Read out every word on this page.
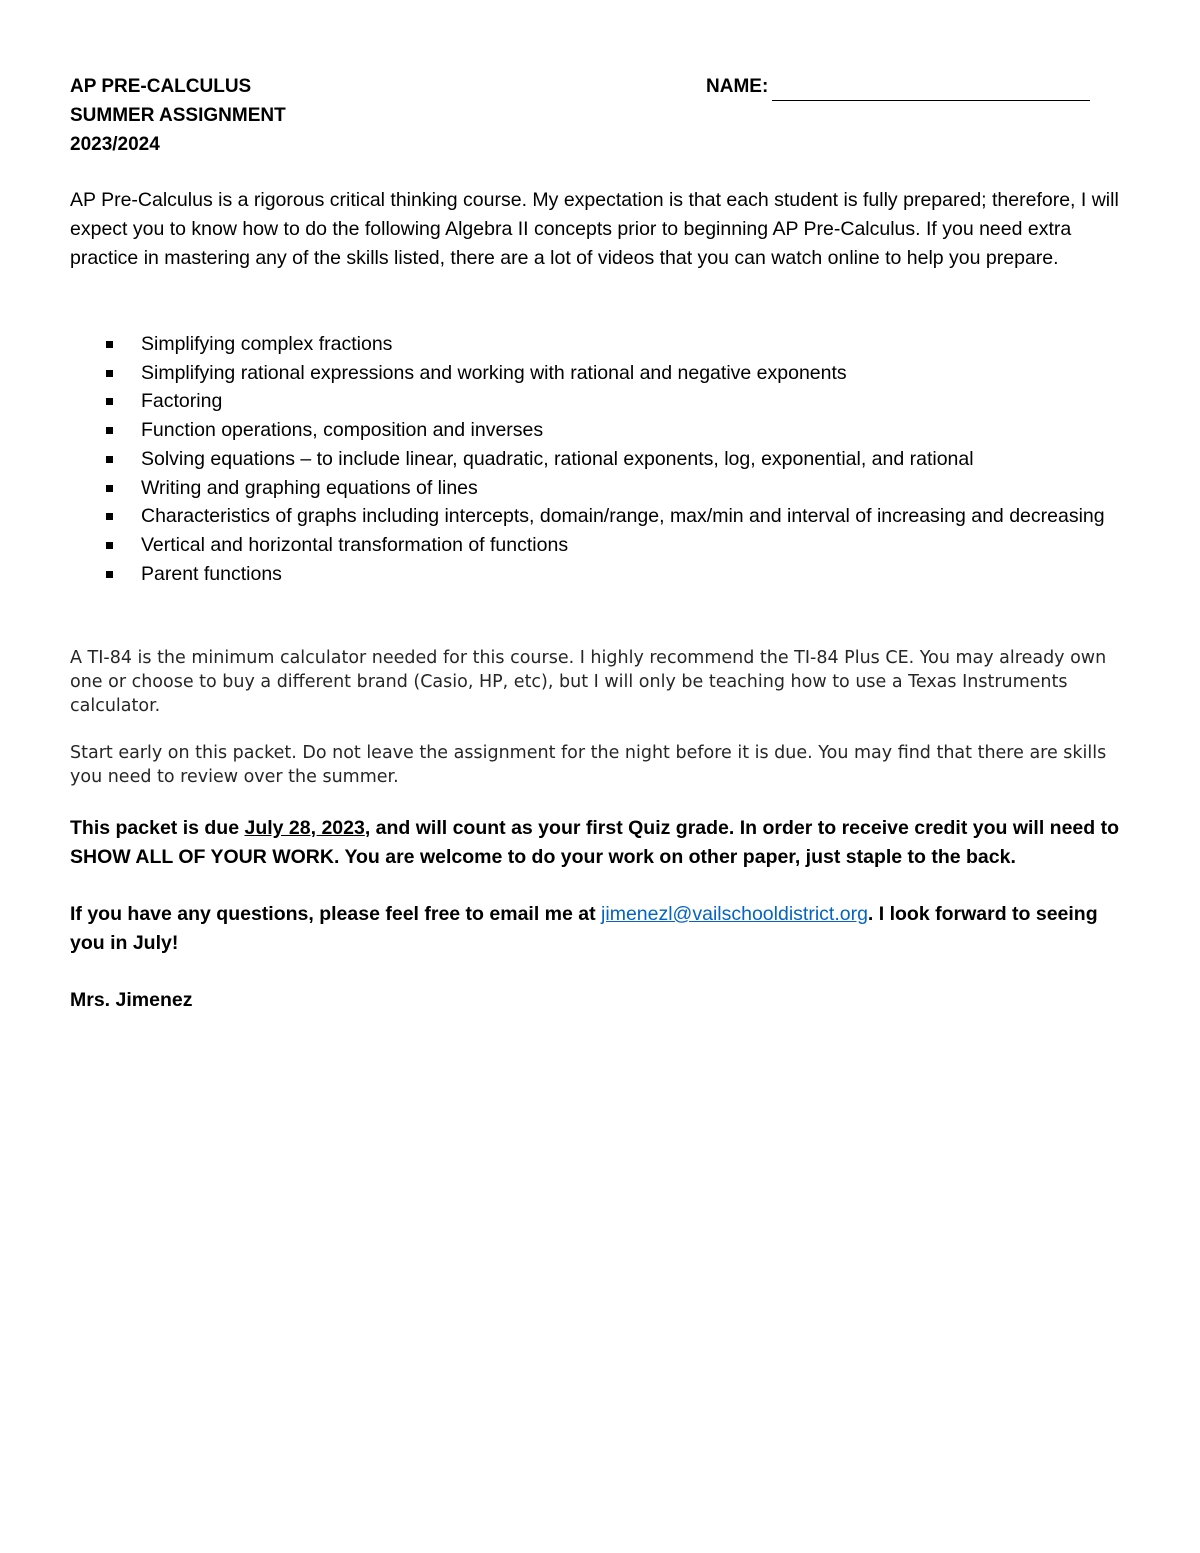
AP PRE-CALCULUS
SUMMER ASSIGNMENT
2023/2024
NAME:

AP Pre-Calculus is a rigorous critical thinking course. My expectation is that each student is fully prepared; therefore, I will expect you to know how to do the following Algebra II concepts prior to beginning AP Pre-Calculus. If you need extra practice in mastering any of the skills listed, there are a lot of videos that you can watch online to help you prepare.

Simplifying complex fractions
Simplifying rational expressions and working with rational and negative exponents
Factoring
Function operations, composition and inverses
Solving equations – to include linear, quadratic, rational exponents, log, exponential, and rational
Writing and graphing equations of lines
Characteristics of graphs including intercepts, domain/range, max/min and interval of increasing and decreasing
Vertical and horizontal transformation of functions
Parent functions

A TI-84 is the minimum calculator needed for this course. I highly recommend the TI-84 Plus CE. You may already own one or choose to buy a different brand (Casio, HP, etc), but I will only be teaching how to use a Texas Instruments calculator.

Start early on this packet. Do not leave the assignment for the night before it is due. You may find that there are skills you need to review over the summer.

This packet is due July 28, 2023, and will count as your first Quiz grade. In order to receive credit you will need to SHOW ALL OF YOUR WORK. You are welcome to do your work on other paper, just staple to the back.

If you have any questions, please feel free to email me at jimenezl@vailschooldistrict.org. I look forward to seeing you in July!

Mrs. Jimenez
